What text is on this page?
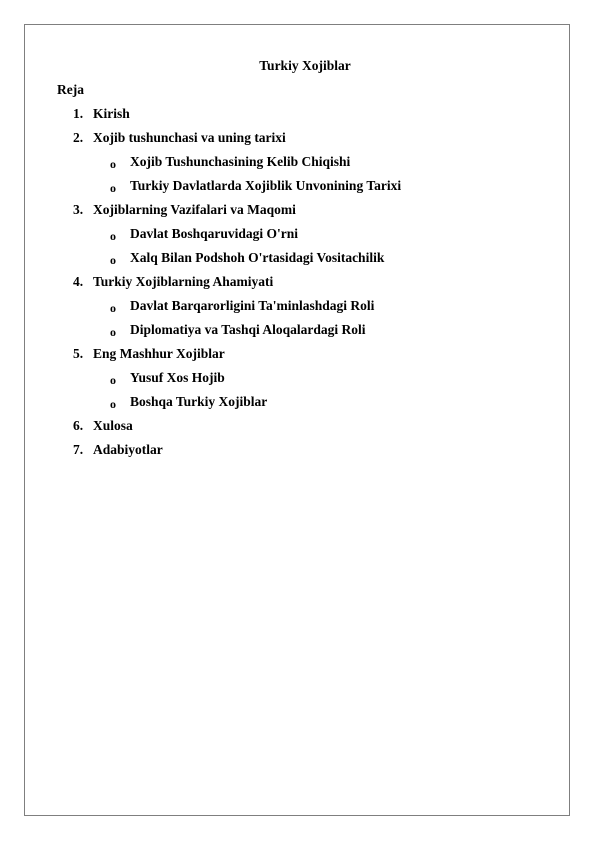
Turkiy Xojiblar
Reja
1. Kirish
2. Xojib tushunchasi va uning tarixi
o Xojib Tushunchasining Kelib Chiqishi
o Turkiy Davlatlarda Xojiblik Unvonining Tarixi
3. Xojiblarning Vazifalari va Maqomi
o Davlat Boshqaruvidagi O'rni
o Xalq Bilan Podshoh O'rtasidagi Vositachilik
4. Turkiy Xojiblarning Ahamiyati
o Davlat Barqarorligini Ta'minlashdagi Roli
o Diplomatiya va Tashqi Aloqalardagi Roli
5. Eng Mashhur Xojiblar
o Yusuf Xos Hojib
o Boshqa Turkiy Xojiblar
6. Xulosa
7. Adabiyotlar
